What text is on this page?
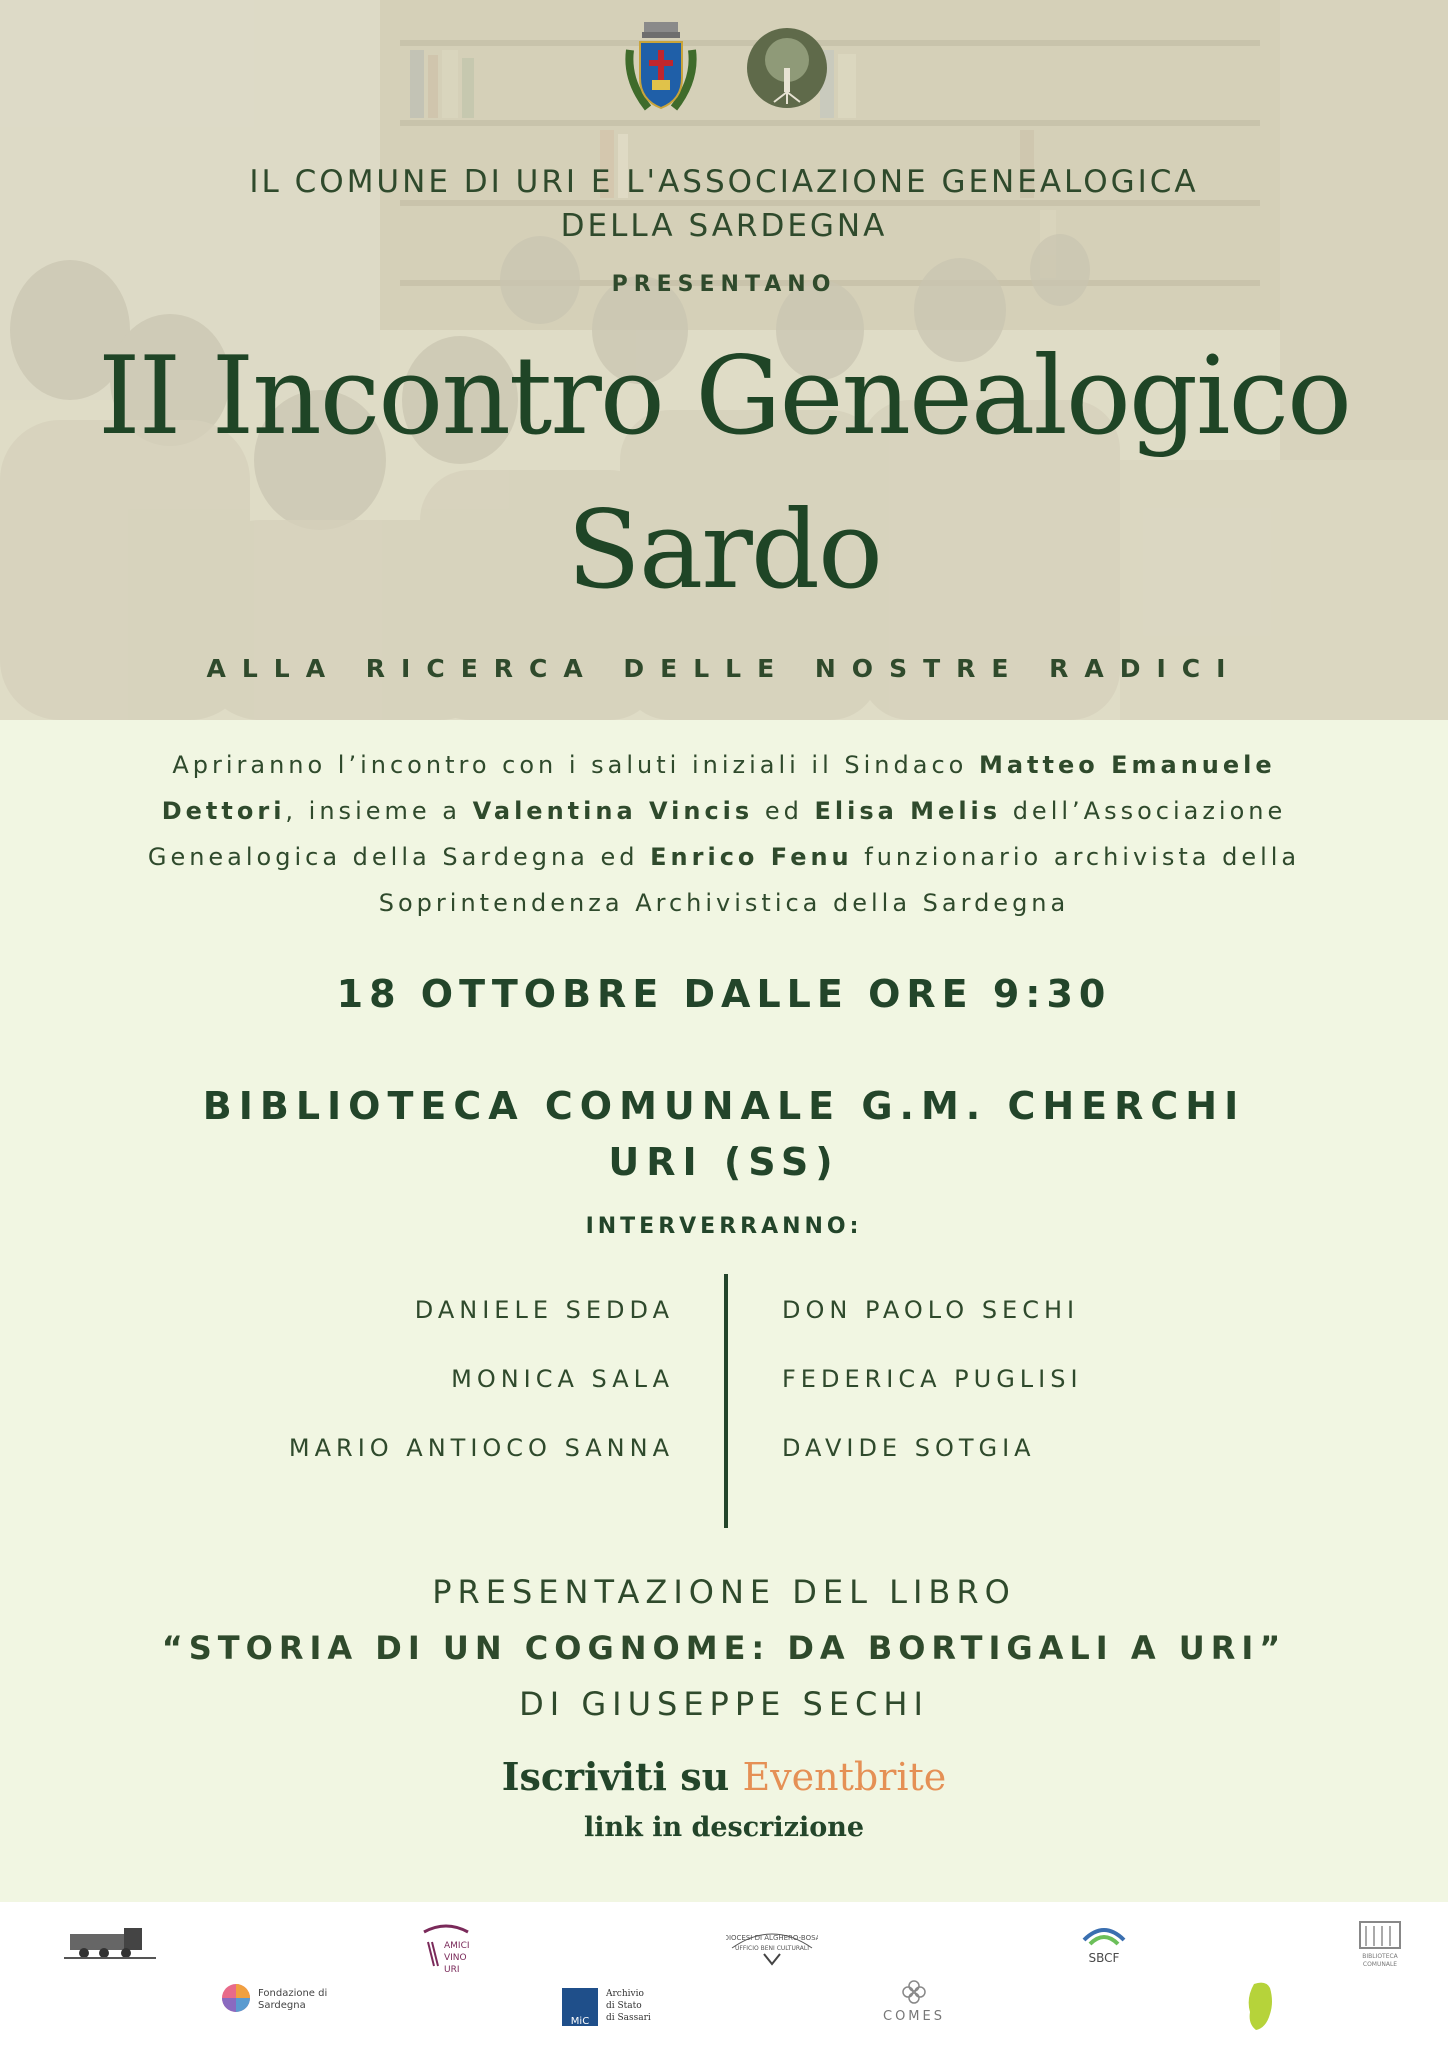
IL COMUNE DI URI E L'ASSOCIAZIONE GENEALOGICA
DELLA SARDEGNA
PRESENTANO
II Incontro Genealogico
Sardo
ALLA RICERCA DELLE NOSTRE RADICI
Apriranno l’incontro con i saluti iniziali il Sindaco Matteo Emanuele Dettori, insieme a Valentina Vincis ed Elisa Melis dell’Associazione Genealogica della Sardegna ed Enrico Fenu funzionario archivista della Soprintendenza Archivistica della Sardegna
18 OTTOBRE DALLE ORE 9:30
BIBLIOTECA COMUNALE G.M. CHERCHI
URI (SS)
INTERVERRANNO:
DANIELE SEDDA
MONICA SALA
MARIO ANTIOCO SANNA
DON PAOLO SECHI
FEDERICA PUGLISI
DAVIDE SOTGIA
PRESENTAZIONE DEL LIBRO
“STORIA DI UN COGNOME: DA BORTIGALI A URI”
DI GIUSEPPE SECHI
Iscriviti su Eventbrite
link in descrizione
AMICI
VINO
URI
DIOCESI DI ALGHERO-BOSA
UFFICIO BENI CULTURALI
SBCF	BIBLIOTECA
COMUNALE
Fondazione di Sardegna
MiC
Archivio
di Stato
di Sassari	COMES
